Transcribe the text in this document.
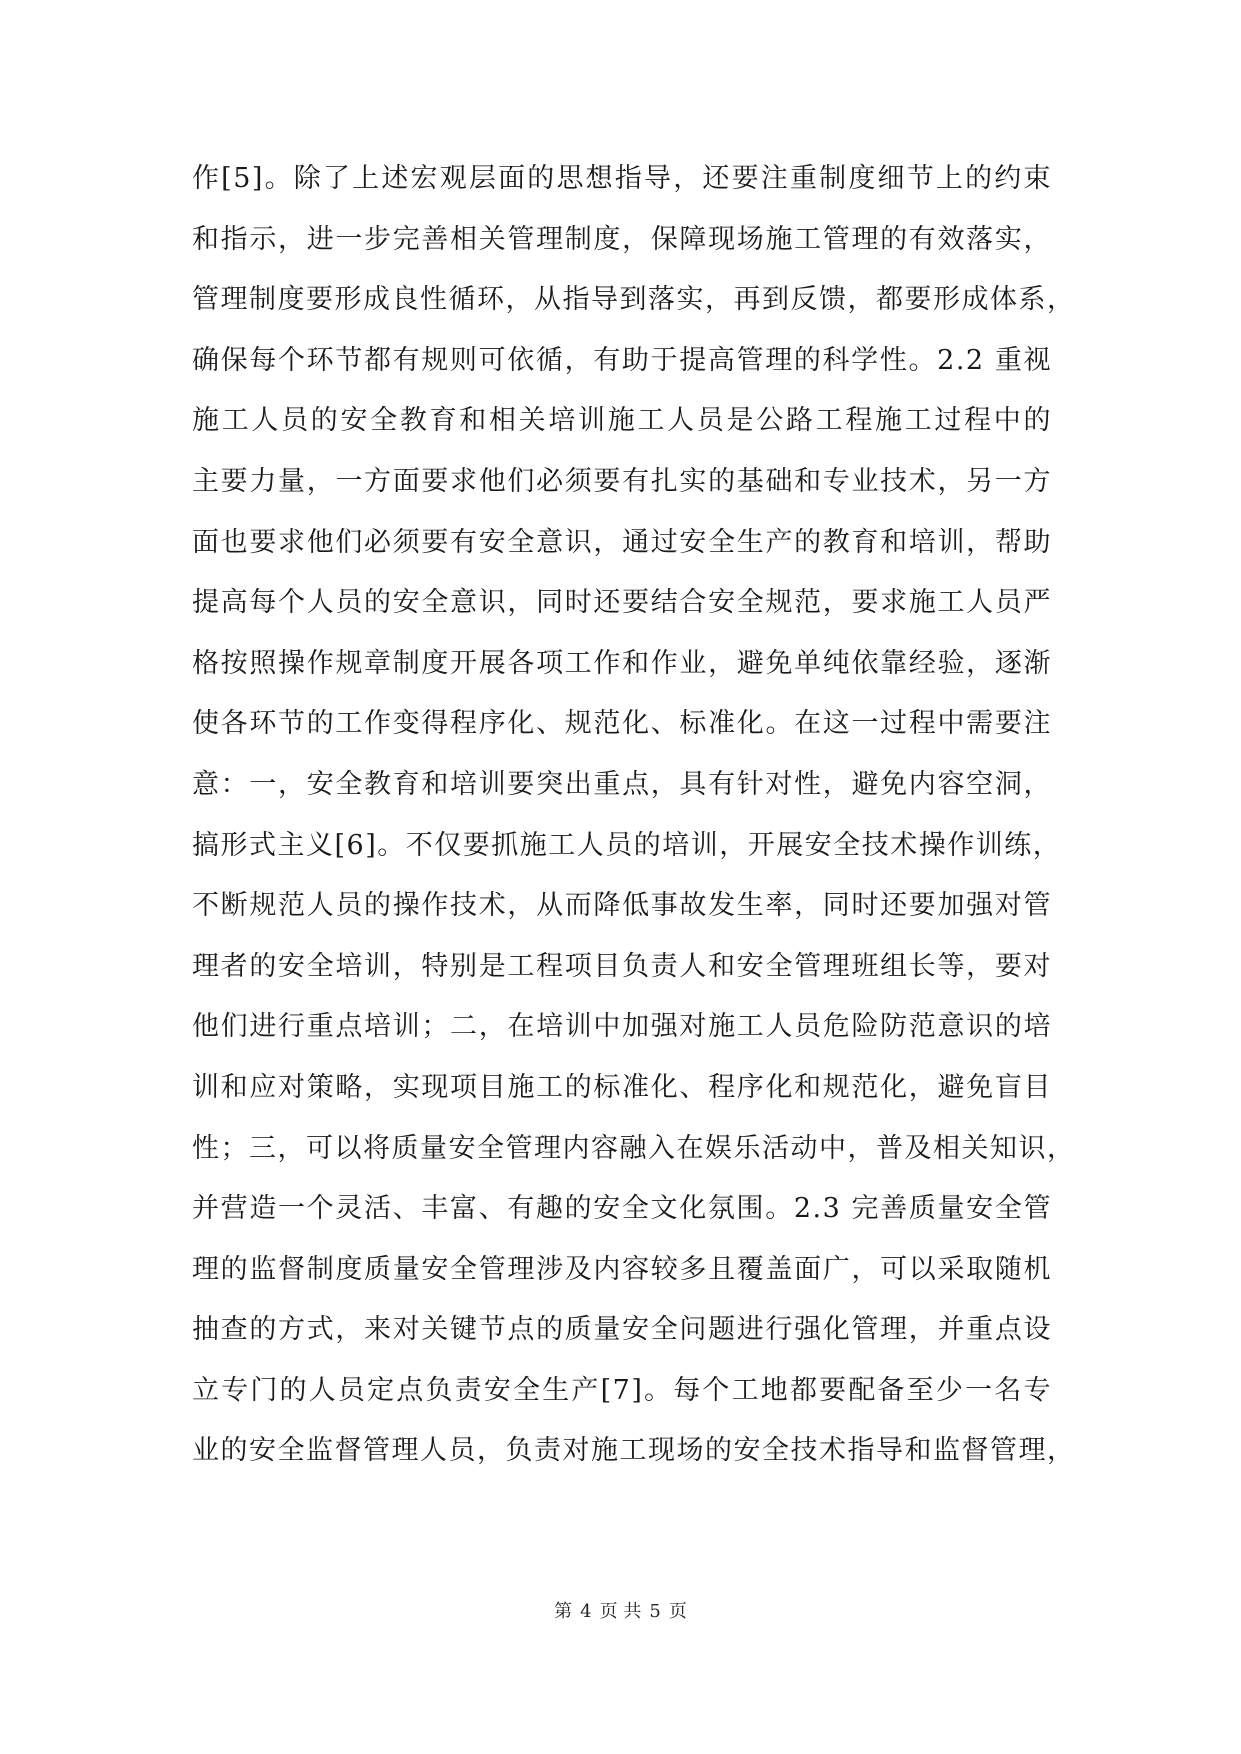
作[5]。除了上述宏观层面的思想指导，还要注重制度细节上的约束
和指示，进一步完善相关管理制度，保障现场施工管理的有效落实，
管理制度要形成良性循环，从指导到落实，再到反馈，都要形成体系，
确保每个环节都有规则可依循，有助于提高管理的科学性。2.2 重视
施工人员的安全教育和相关培训施工人员是公路工程施工过程中的
主要力量，一方面要求他们必须要有扎实的基础和专业技术，另一方
面也要求他们必须要有安全意识，通过安全生产的教育和培训，帮助
提高每个人员的安全意识，同时还要结合安全规范，要求施工人员严
格按照操作规章制度开展各项工作和作业，避免单纯依靠经验，逐渐
使各环节的工作变得程序化、规范化、标准化。在这一过程中需要注
意：一，安全教育和培训要突出重点，具有针对性，避免内容空洞，
搞形式主义[6]。不仅要抓施工人员的培训，开展安全技术操作训练，
不断规范人员的操作技术，从而降低事故发生率，同时还要加强对管
理者的安全培训，特别是工程项目负责人和安全管理班组长等，要对
他们进行重点培训；二，在培训中加强对施工人员危险防范意识的培
训和应对策略，实现项目施工的标准化、程序化和规范化，避免盲目
性；三，可以将质量安全管理内容融入在娱乐活动中，普及相关知识，
并营造一个灵活、丰富、有趣的安全文化氛围。2.3 完善质量安全管
理的监督制度质量安全管理涉及内容较多且覆盖面广，可以采取随机
抽查的方式，来对关键节点的质量安全问题进行强化管理，并重点设
立专门的人员定点负责安全生产[7]。每个工地都要配备至少一名专
业的安全监督管理人员，负责对施工现场的安全技术指导和监督管理，
第 4 页 共 5 页
